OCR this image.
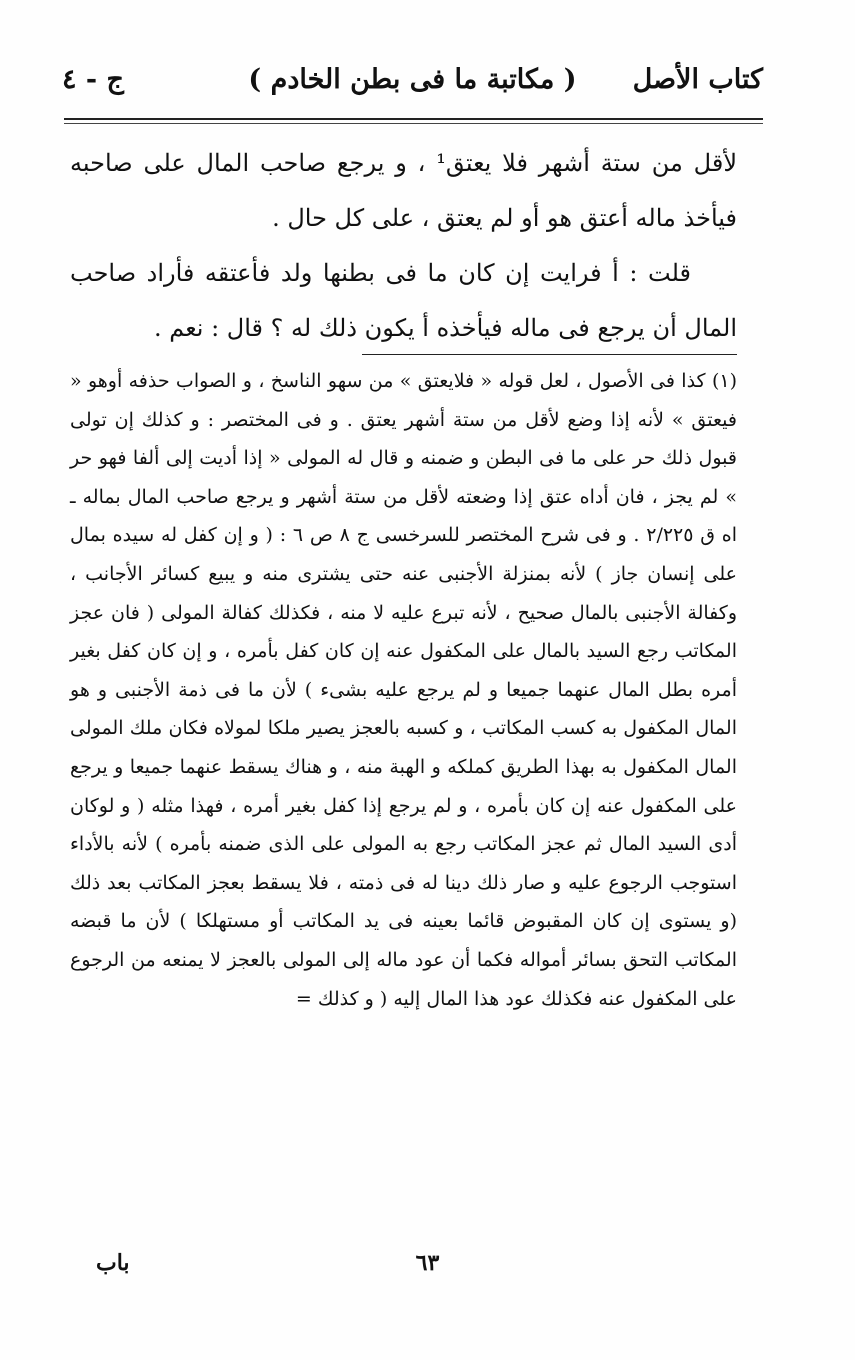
كتاب الأصل
( مكاتبة ما فى بطن الخادم )
ج - ٤

لأقل من ستة أشهر فلا يعتق¹ ، و يرجع صاحب المال على صاحبه فيأخذ ماله أعتق هو أو لم يعتق ، على كل حال .

قلت : أ فرايت إن كان ما فى بطنها ولد فأعتقه فأراد صاحب المال أن يرجع فى ماله فيأخذه أ يكون ذلك له ؟ قال : نعم .

(١) كذا فى الأصول ، لعل قوله « فلايعتق » من سهو الناسخ ، و الصواب حذفه أوهو « فيعتق » لأنه إذا وضع لأقل من ستة أشهر يعتق . و فى المختصر : و كذلك إن تولى قبول ذلك حر على ما فى البطن و ضمنه و قال له المولى « إذا أديت إلى ألفا فهو حر » لم يجز ، فان أداه عتق إذا وضعته لأقل من ستة أشهر و يرجع صاحب المال بماله ـ اه ق ٢/٢٢٥ . و فى شرح المختصر للسرخسى ج ٨ ص ٦ : ( و إن كفل له سيده بمال على إنسان جاز ) لأنه بمنزلة الأجنبى عنه حتى يشترى منه و يبيع كسائر الأجانب ، وكفالة الأجنبى بالمال صحيح ، لأنه تبرع عليه لا منه ، فكذلك كفالة المولى ( فان عجز المكاتب رجع السيد بالمال على المكفول عنه إن كان كفل بأمره ، و إن كان كفل بغير أمره بطل المال عنهما جميعا و لم يرجع عليه بشىء ) لأن ما فى ذمة الأجنبى و هو المال المكفول به كسب المكاتب ، و كسبه بالعجز يصير ملكا لمولاه فكان ملك المولى المال المكفول به بهذا الطريق كملكه و الهبة منه ، و هناك يسقط عنهما جميعا و يرجع على المكفول عنه إن كان بأمره ، و لم يرجع إذا كفل بغير أمره ، فهذا مثله ( و لوكان أدى السيد المال ثم عجز المكاتب رجع به المولى على الذى ضمنه بأمره ) لأنه بالأداء استوجب الرجوع عليه و صار ذلك دينا له فى ذمته ، فلا يسقط بعجز المكاتب بعد ذلك (و يستوى إن كان المقبوض قائما بعينه فى يد المكاتب أو مستهلكا ) لأن ما قبضه المكاتب التحق بسائر أمواله فكما أن عود ماله إلى المولى بالعجز لا يمنعه من الرجوع على المكفول عنه فكذلك عود هذا المال إليه ( و كذلك =

٦٣
باب
